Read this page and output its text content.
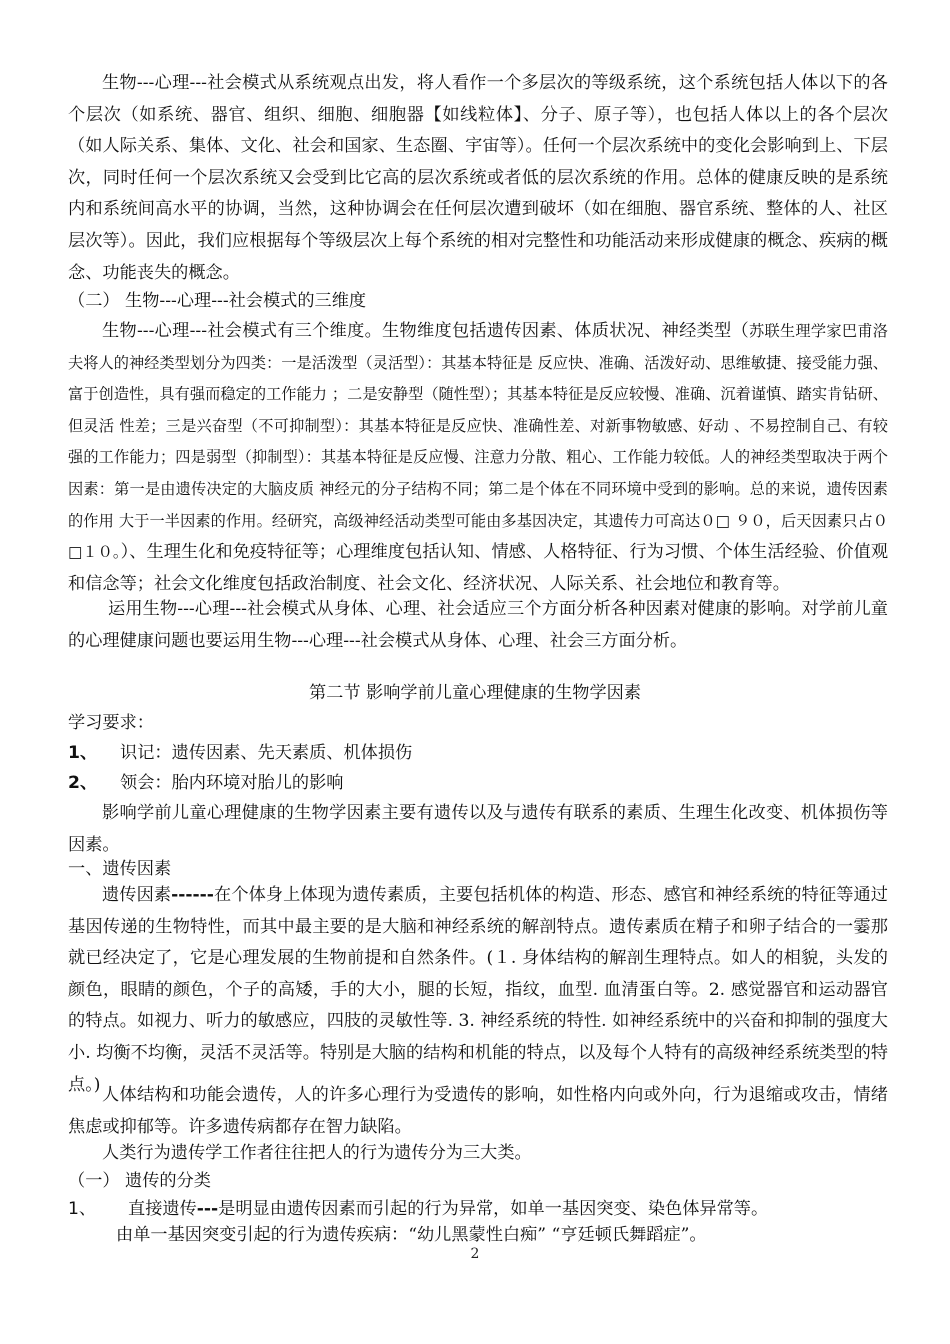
生物---心理---社会模式从系统观点出发，将人看作一个多层次的等级系统，这个系统包括人体以下的各个层次（如系统、器官、组织、细胞、细胞器【如线粒体】、分子、原子等），也包括人体以上的各个层次（如人际关系、集体、文化、社会和国家、生态圈、宇宙等）。任何一个层次系统中的变化会影响到上、下层次，同时任何一个层次系统又会受到比它高的层次系统或者低的层次系统的作用。总体的健康反映的是系统内和系统间高水平的协调，当然，这种协调会在任何层次遭到破坏（如在细胞、器官系统、整体的人、社区层次等）。因此，我们应根据每个等级层次上每个系统的相对完整性和功能活动来形成健康的概念、疾病的概念、功能丧失的概念。

（二） 生物---心理---社会模式的三维度

生物---心理---社会模式有三个维度。生物维度包括遗传因素、体质状况、神经类型（苏联生理学家巴甫洛夫将人的神经类型划分为四类：一是活泼型（灵活型）：其基本特征是 反应快、准确、活泼好动、思维敏捷、接受能力强、富于创造性，具有强而稳定的工作能力 ；二是安静型（随性型）；其基本特征是反应较慢、准确、沉着谨慎、踏实肯钻研、但灵活 性差；三是兴奋型（不可抑制型）：其基本特征是反应快、准确性差、对新事物敏感、好动 、不易控制自己、有较强的工作能力；四是弱型（抑制型）：其基本特征是反应慢、注意力分散、粗心、工作能力较低。人的神经类型取决于两个因素：第一是由遗传决定的大脑皮质 神经元的分子结构不同；第二是个体在不同环境中受到的影响。总的来说，遗传因素的作用 大于一半因素的作用。经研究，高级神经活动类型可能由多基因决定，其遗传力可高达０□ ９０，后天因素只占０□１０。）、生理生化和免疫特征等；心理维度包括认知、情感、人格特征、行为习惯、个体生活经验、价值观和信念等；社会文化维度包括政治制度、社会文化、经济状况、人际关系、社会地位和教育等。

运用生物---心理---社会模式从身体、心理、社会适应三个方面分析各种因素对健康的影响。对学前儿童的心理健康问题也要运用生物---心理---社会模式从身体、心理、社会三方面分析。

第二节 影响学前儿童心理健康的生物学因素

学习要求：

1、 识记：遗传因素、先天素质、机体损伤

2、 领会：胎内环境对胎儿的影响

影响学前儿童心理健康的生物学因素主要有遗传以及与遗传有联系的素质、生理生化改变、机体损伤等因素。

一、遗传因素

遗传因素------在个体身上体现为遗传素质，主要包括机体的构造、形态、感官和神经系统的特征等通过基因传递的生物特性，而其中最主要的是大脑和神经系统的解剖特点。遗传素质在精子和卵子结合的一霎那就已经决定了，它是心理发展的生物前提和自然条件。(１. 身体结构的解剖生理特点。如人的相貌，头发的颜色，眼睛的颜色，个子的高矮，手的大小，腿的长短，指纹，血型. 血清蛋白等。2. 感觉器官和运动器官的特点。如视力、听力的敏感应，四肢的灵敏性等. 3. 神经系统的特性. 如神经系统中的兴奋和抑制的强度大小. 均衡不均衡，灵活不灵活等。特别是大脑的结构和机能的特点，以及每个人特有的高级神经系统类型的特点。)

人体结构和功能会遗传，人的许多心理行为受遗传的影响，如性格内向或外向，行为退缩或攻击，情绪焦虑或抑郁等。许多遗传病都存在智力缺陷。

人类行为遗传学工作者往往把人的行为遗传分为三大类。

（一） 遗传的分类

1、 直接遗传---是明显由遗传因素而引起的行为异常，如单一基因突变、染色体异常等。

由单一基因突变引起的行为遗传疾病：“幼儿黑蒙性白痴” “亨廷顿氏舞蹈症”。

2
